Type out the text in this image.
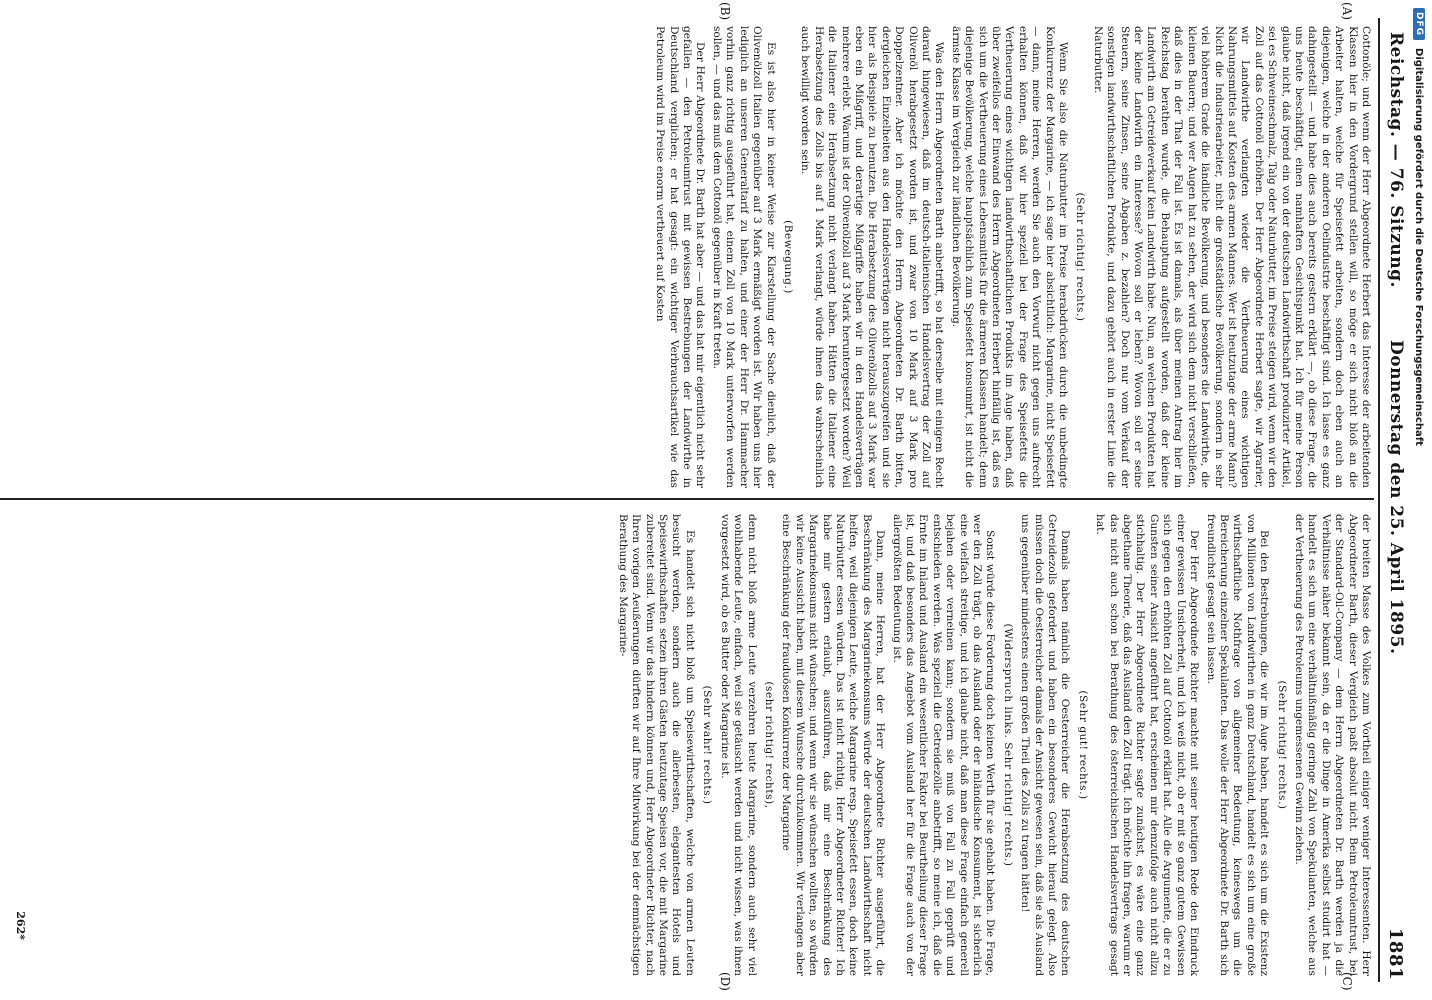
Reichstag. — 76. Sitzung.
Donnerstag den 25. April 1895.
1881
(A)
(B)
(C)
(D)

Cottonöle; und wenn der Herr Abgeordnete Herbert das Interesse der arbeitenden Klassen hier in den Vordergrund stellen will, so möge er sich nicht bloß an die Arbeiter halten, welche für Speisefett arbeiten, sondern doch eben auch an diejenigen, welche in der anderen Oelindustrie beschäftigt sind. Ich lasse es ganz dahingestellt — und habe dies auch bereits gestern erklärt —, ob diese Frage, die uns heute beschäftigt, einen namhaften Gesichtspunkt hat. Ich für meine Person glaube nicht, daß irgend ein von der deutschen Landwirthschaft produzirter Artikel, sei es Schweineschmalz, Talg oder Naturbutter, im Preise steigen wird, wenn wir den Zoll auf das Cottonöl erhöhen. Der Herr Abgeordnete Herbert sagte, wir Agrarier, wir Landwirthe verlangten wieder die Vertheuerung eines wichtigen Nahrungsmittels auf Kosten des armen Mannes. Wer ist heutzutage der arme Mann? Nicht die Industriearbeiter, nicht die großstädtische Bevölkerung, sondern in sehr viel höherem Grade die ländliche Bevölkerung, und besonders die Landwirthe, die kleinen Bauern; und wer Augen hat zu sehen, der wird sich dem nicht verschließen, daß dies in der That der Fall ist. Es ist damals, als über meinen Antrag hier im Reichstag berathen wurde, die Behauptung aufgestellt worden, daß der kleine Landwirth am Getreideverkauf kein Landwirth habe. Nun, an welchen Produkten hat der kleine Landwirth ein Interesse? Wovon soll er leben? Wovon soll er seine Steuern, seine Zinsen, seine Abgaben z. bezahlen? Doch nur vom Verkauf der sonstigen landwirthschaftlichen Produkte, und dazu gehört auch in erster Linie die Naturbutter.

(Sehr richtig! rechts.)

Wenn Sie also die Naturbutter im Preise herabdrücken durch die unbedingte Konkurrenz der Margarine, — ich sage hier absichtlich: Margarine, nicht Speisefett — dann, meine Herren, werden Sie auch den Vorwurf nicht gegen uns aufrecht erhalten können, daß wir hier speziell bei der Frage des Speisefetts die Vertheuerung eines wichtigen landwirthschaftlichen Produkts im Auge haben, daß über zweifellos der Einwand des Herrn Abgeordneten Herbert hinfällig ist, daß es sich um die Vertheuerung eines Lebensmittels für die ärmeren Klassen handelt; denn diejenige Bevölkerung, welche hauptsächlich zum Speisefett konsumirt, ist nicht die ärmste Klasse im Vergleich zur ländlichen Bevölkerung.

Was den Herrn Abgeordneten Barth anbetrifft, so hat derselbe mit einigem Recht darauf hingewiesen, daß im deutsch-italienischen Handelsvertrag der Zoll auf Olivenöl herabgesetzt worden ist, und zwar von 10 Mark auf 3 Mark pro Doppelzentner. Aber ich möchte den Herrn Abgeordneten Dr. Barth bitten, dergleichen Einzelheiten aus den Handelsverträgen nicht herauszugreifen und sie hier als Beispiele zu benutzen. Die Herabsetzung des Olivenölzolls auf 3 Mark war eben ein Mißgriff, und derartige Mißgriffe haben wir in den Handelsverträgen mehrere erlebt. Warum ist der Olivenölzoll auf 3 Mark heruntergesetzt worden? Weil die Italiener eine Herabsetzung nicht verlangt haben. Hätten die Italiener eine Herabsetzung des Zolls bis auf 1 Mark verlangt, würde ihnen das wahrscheinlich auch bewilligt worden sein.

(Bewegung.)

Es ist also hier in keiner Weise zur Klarstellung der Sache dienlich, daß der Olivenölzoll Italien gegenüber auf 3 Mark ermäßigt worden ist. Wir haben uns hier lediglich an unseren Generaltarif zu halten, und einer der Herr Dr. Hammacher vorhin ganz richtig ausgeführt hat, einem Zoll von 10 Mark unterworfen werden sollen, — und das muß dem Cottonöl gegenüber in Kraft treten.

Der Herr Abgeordnete Dr. Barth hat aber — und das hat mir eigentlich nicht sehr gefallen — den Petroleumtrust mit gewissen Bestrebungen der Landwirthe in Deutschland verglichen; er hat gesagt: ein wichtiger Verbrauchsartikel wie das Petroleum wird im Preise enorm vertheuert auf Kosten

der breiten Masse des Volkes zum Vortheil einiger weniger Interessenten. Herr Abgeordneter Barth, dieser Vergleich paßt absolut nicht. Beim Petroleumtrust, bei der Standard-Oil-Company — dem Herrn Abgeordneten Dr. Barth werden ja die Verhältnisse näher bekannt sein, da er die Dinge in Amerika selbst studirt hat — handelt es sich um eine verhältnißmäßig geringe Zahl von Spekulanten, welche aus der Vertheuerung des Petroleums ungemessenen Gewinn ziehen.

(Sehr richtig! rechts.)

Bei den Bestrebungen, die wir im Auge haben, handelt es sich um die Existenz von Millionen von Landwirthen in ganz Deutschland, handelt es sich um eine große wirthschaftliche Nothfrage von allgemeiner Bedeutung, keineswegs um die Bereicherung einzelner Spekulanten. Das wolle der Herr Abgeordnete Dr. Barth sich freundlichst gesagt sein lassen.

Der Herr Abgeordnete Richter machte mit seiner heutigen Rede den Eindruck einer gewissen Unsicherheit, und ich weiß nicht, ob er mit so ganz gutem Gewissen sich gegen den erhöhten Zoll auf Cottonöl erklärt hat. Alle die Argumente, die er zu Gunsten seiner Ansicht angeführt hat, erscheinen mir demzufolge auch nicht allzu stichhaltig. Der Herr Abgeordnete Richter sagte zunächst, es wäre eine ganz abgethane Theorie, daß das Ausland den Zoll trägt. Ich möchte ihn fragen, warum er das nicht auch schon bei Berathung des österreichischen Handelsvertrags gesagt hat.

(Sehr gut! rechts.)

Damals haben nämlich die Oesterreicher die Herabsetzung des deutschen Getreidezolls gefordert und haben ein besonderes Gewicht hierauf gelegt. Also müssen doch die Oesterreicher damals der Ansicht gewesen sein, daß sie als Ausland uns gegenüber mindestens einen großen Theil des Zolls zu tragen hätten!

(Widerspruch links. Sehr richtig! rechts.)

Sonst würde diese Forderung doch keinen Werth für sie gehabt haben. Die Frage, wer den Zoll trägt, ob das Ausland oder der inländische Konsument, ist sicherlich eine vielfach streitige, und ich glaube nicht, daß man diese Frage einfach generell bejahen oder verneinen kann; sondern sie muß von Fall zu Fall geprüft und entschieden werden. Was speziell die Getreidezölle anbetrifft, so meine ich, daß die Ernte im Inland und Ausland ein wesentlicher Faktor bei Beurtheilung dieser Frage ist, und daß besonders das Angebot vom Ausland her für die Frage auch von der allergrößten Bedeutung ist.

Dann, meine Herren, hat der Herr Abgeordnete Richter ausgeführt, die Beschränkung des Margarinekonsums würde der deutschen Landwirthschaft nicht helfen, weil diejenigen Leute, welche Margarine resp. Speisefett essen, doch keine Naturbutter essen würden. Das ist nicht richtig, Herr Abgeordneter Richter! Ich habe mir gestern erlaubt, auszuführen, daß mir eine Beschränkung des Margarinekonsums nicht wünschen; und wenn wir sie wünschen wollten, so würden wir keine Aussicht haben, mit diesem Wunsche durchzukommen. Wir verlangen aber eine Beschränkung der frauduösen Konkurrenz der Margarine

(sehr richtig! rechts),

denn nicht bloß arme Leute verzehren heute Margarine, sondern auch sehr viel wohlhabende Leute, einfach, weil sie getäuscht werden und nicht wissen, was ihnen vorgesetzt wird, ob es Butter oder Margarine ist.

(Sehr wahr! rechts.)

Es handelt sich nicht bloß um Speisewirthschaften, welche von armen Leuten besucht werden, sondern auch die allerbesten, elegantesten Hotels und Speisewirthschaften setzen ihren Gästen heutzutage Speisen vor, die mit Margarine zubereitet sind. Wenn wir das hindern können und, Herr Abgeordneter Richter, nach Ihren vorigen Aeußerungen dürften wir auf Ihre Mitwirkung bei der demnächstigen Berathung des Margarine-

262*
DFG
Digitalisierung gefördert durch die Deutsche Forschungsgemeinschaft
